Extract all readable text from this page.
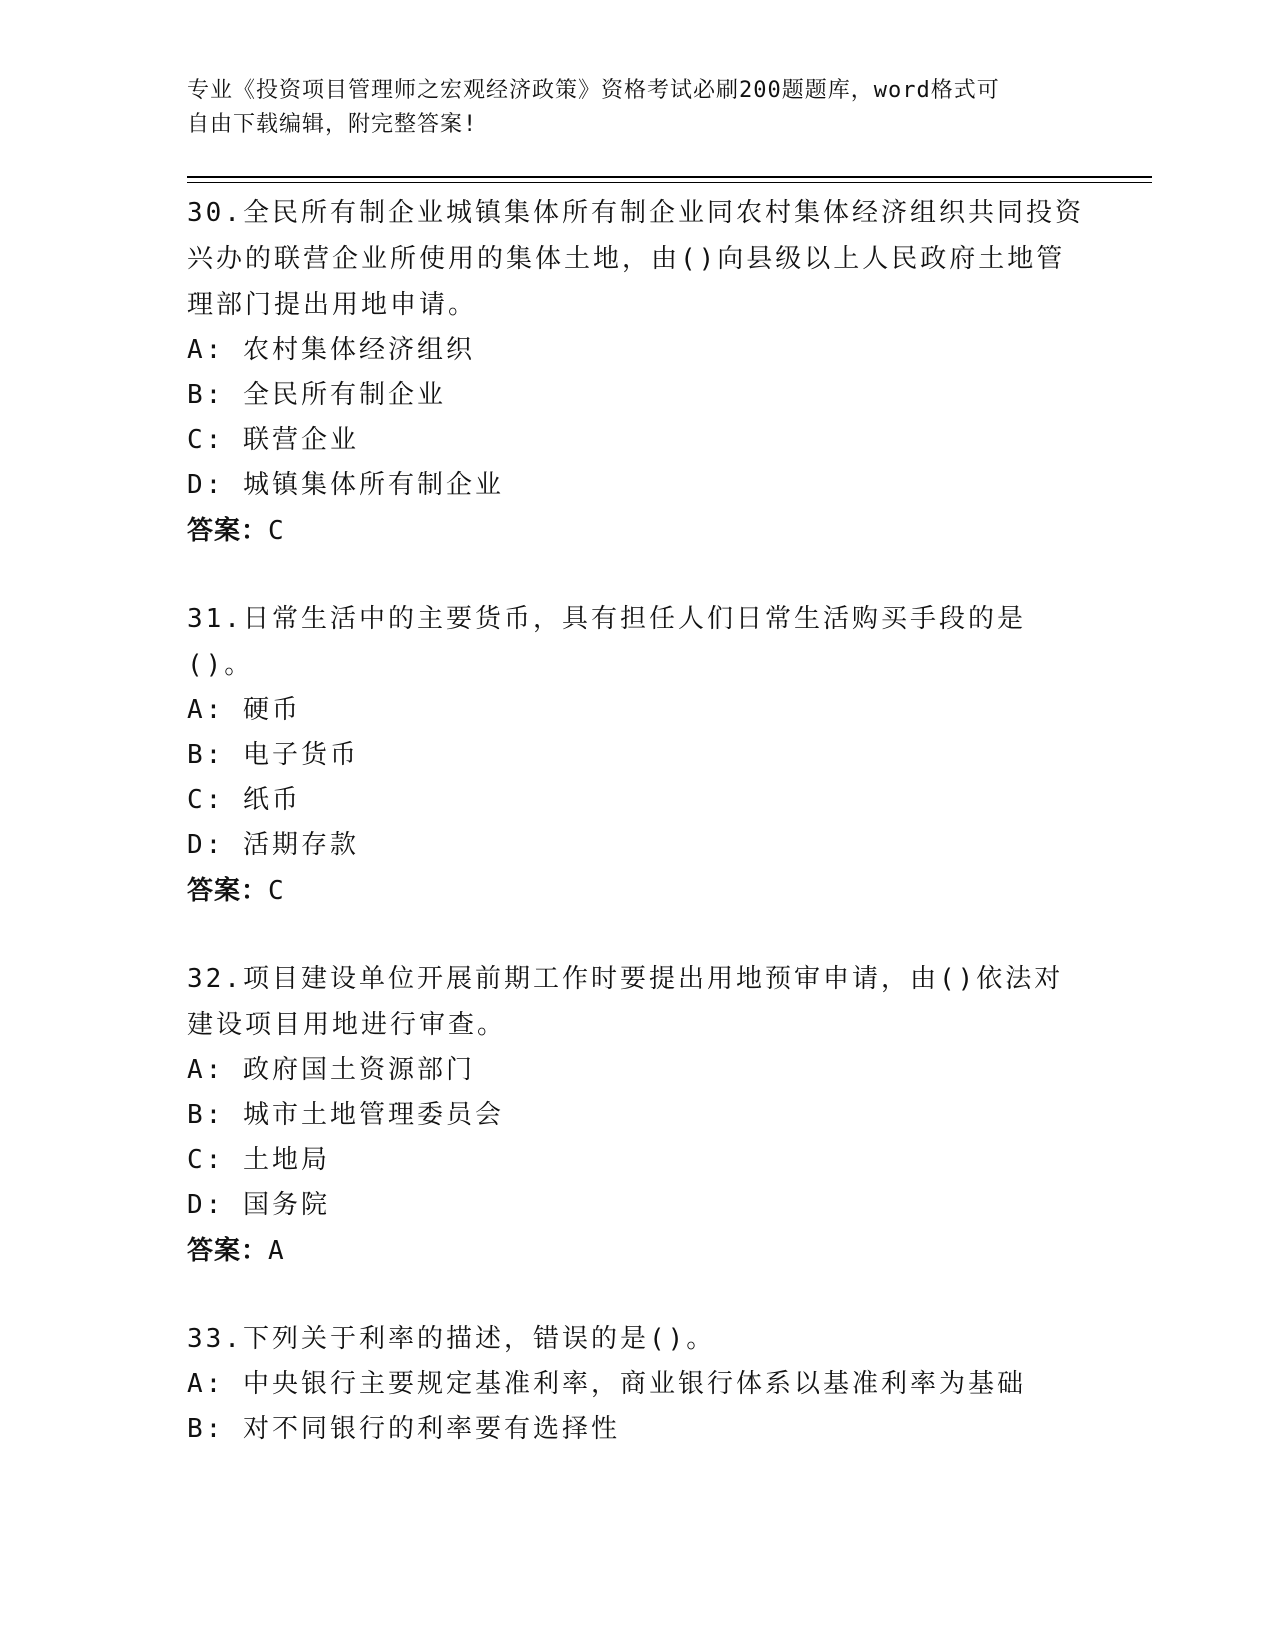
专业《投资项目管理师之宏观经济政策》资格考试必刷200题题库，word格式可
自由下载编辑，附完整答案!
30.全民所有制企业城镇集体所有制企业同农村集体经济组织共同投资兴办的联营企业所使用的集体土地，由()向县级以上人民政府土地管理部门提出用地申请。
A: 农村集体经济组织
B: 全民所有制企业
C: 联营企业
D: 城镇集体所有制企业
答案：C
31.日常生活中的主要货币，具有担任人们日常生活购买手段的是()。
A: 硬币
B: 电子货币
C: 纸币
D: 活期存款
答案：C
32.项目建设单位开展前期工作时要提出用地预审申请，由()依法对建设项目用地进行审查。
A: 政府国土资源部门
B: 城市土地管理委员会
C: 土地局
D: 国务院
答案：A
33.下列关于利率的描述，错误的是()。
A: 中央银行主要规定基准利率，商业银行体系以基准利率为基础
B: 对不同银行的利率要有选择性
